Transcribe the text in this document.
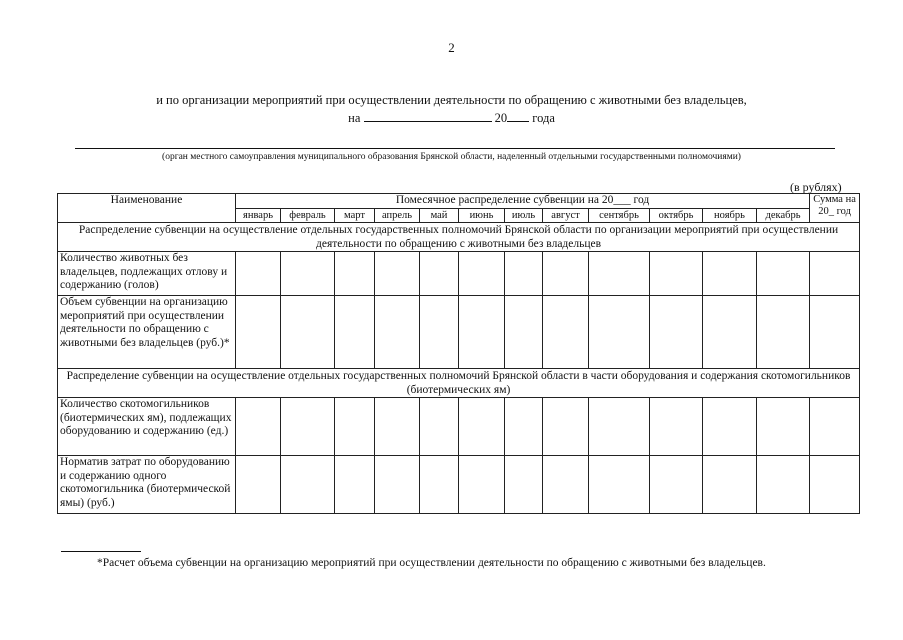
2
и по организации мероприятий при осуществлении деятельности по обращению с животными без владельцев,
на	20 года
(орган местного самоуправления муниципального образования Брянской области, наделенный отдельными государственными полномочиями)
(в рублях)
Наименование	Помесячное распределение субвенции на 20___ год												Сумма на 20_ год
	январь	февраль	март	апрель	май	июнь	июль	август	сентябрь	октябрь	ноябрь	декабрь	
Распределение субвенции на осуществление отдельных государственных полномочий Брянской области по организации мероприятий при осуществлении деятельности по обращению с животными без владельцев													
Количество животных без владельцев, подлежащих отлову и содержанию (голов)													
Объем субвенции на организацию мероприятий при осуществлении деятельности по обращению с животными без владельцев (руб.)*													
Распределение субвенции на осуществление отдельных государственных полномочий Брянской области в части оборудования и содержания скотомогильников (биотермических ям)													
Количество скотомогильников (биотермических ям), подлежащих оборудованию и содержанию (ед.)													
Норматив затрат по оборудованию и содержанию одного скотомогильника (биотермической ямы) (руб.)													
*Расчет объема субвенции на организацию мероприятий при осуществлении деятельности по обращению с животными без владельцев.
